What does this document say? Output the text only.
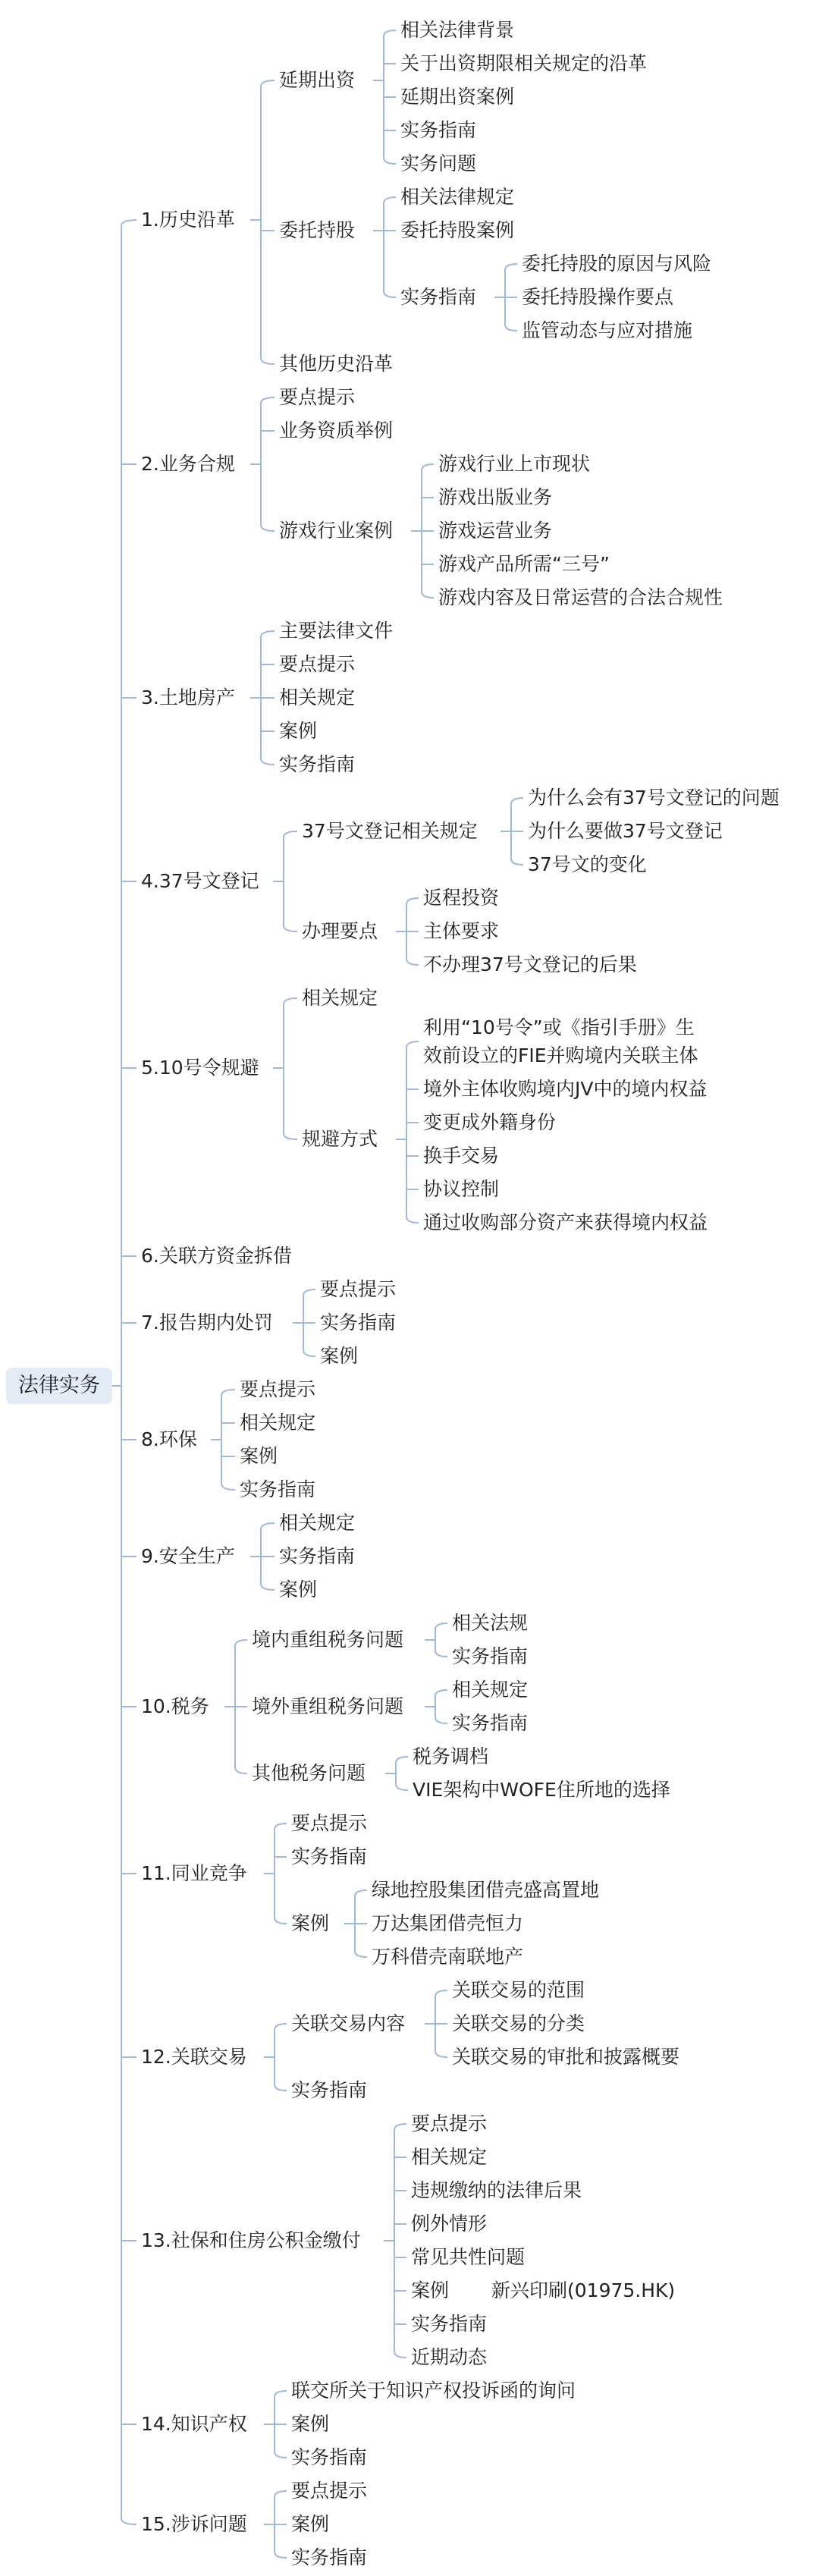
法律实务
1.历史沿革
延期出资
相关法律背景
关于出资期限相关规定的沿革
延期出资案例
实务指南
实务问题
委托持股
相关法律规定
委托持股案例
实务指南
委托持股的原因与风险
委托持股操作要点
监管动态与应对措施
其他历史沿革
2.业务合规
要点提示
业务资质举例
游戏行业案例
游戏行业上市现状
游戏出版业务
游戏运营业务
游戏产品所需“三号”
游戏内容及日常运营的合法合规性
3.土地房产
主要法律文件
要点提示
相关规定
案例
实务指南
4.37号文登记
37号文登记相关规定
为什么会有37号文登记的问题
为什么要做37号文登记
37号文的变化
办理要点
返程投资
主体要求
不办理37号文登记的后果
5.10号令规避
相关规定
规避方式
利用“10号令”或《指引手册》生
效前设立的FIE并购境内关联主体
境外主体收购境内JV中的境内权益
变更成外籍身份
换手交易
协议控制
通过收购部分资产来获得境内权益
6.关联方资金拆借
7.报告期内处罚
要点提示
实务指南
案例
8.环保
要点提示
相关规定
案例
实务指南
9.安全生产
相关规定
实务指南
案例
10.税务
境内重组税务问题
相关法规
实务指南
境外重组税务问题
相关规定
实务指南
其他税务问题
税务调档
VIE架构中WOFE住所地的选择
11.同业竞争
要点提示
实务指南
案例
绿地控股集团借壳盛高置地
万达集团借壳恒力
万科借壳南联地产
12.关联交易
关联交易内容
关联交易的范围
关联交易的分类
关联交易的审批和披露概要
实务指南
13.社保和住房公积金缴付
要点提示
相关规定
违规缴纳的法律后果
例外情形
常见共性问题
案例 新兴印刷(01975.HK)
实务指南
近期动态
14.知识产权
联交所关于知识产权投诉函的询问
案例
实务指南
15.涉诉问题
要点提示
案例
实务指南
